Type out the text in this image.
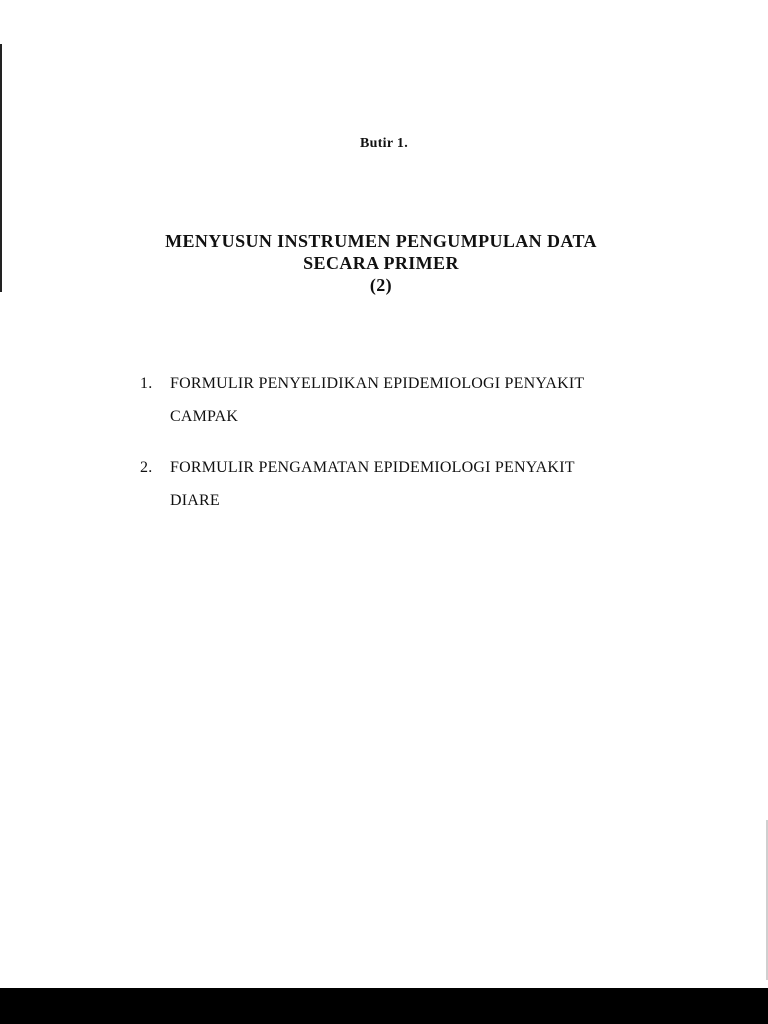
Butir 1.
MENYUSUN INSTRUMEN PENGUMPULAN DATA
SECARA PRIMER
(2)
1. FORMULIR PENYELIDIKAN EPIDEMIOLOGI PENYAKIT
CAMPAK
2. FORMULIR PENGAMATAN EPIDEMIOLOGI PENYAKIT
DIARE
